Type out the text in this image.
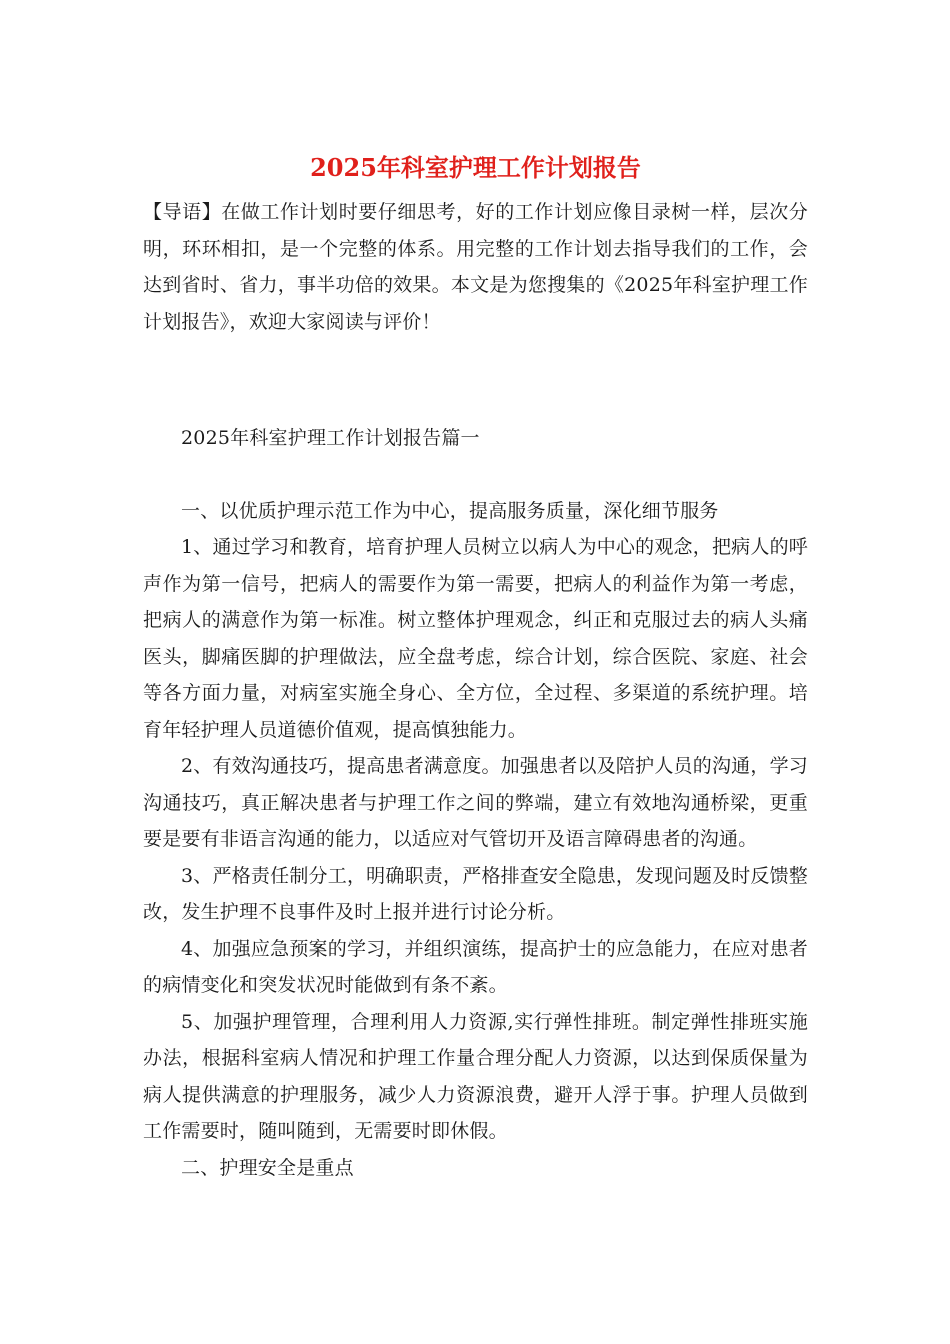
2025年科室护理工作计划报告

【导语】在做工作计划时要仔细思考，好的工作计划应像目录树一样，层次分明，环环相扣，是一个完整的体系。用完整的工作计划去指导我们的工作，会达到省时、省力，事半功倍的效果。本文是为您搜集的《2025年科室护理工作计划报告》，欢迎大家阅读与评价！

2025年科室护理工作计划报告篇一

一、以优质护理示范工作为中心，提高服务质量，深化细节服务

1、通过学习和教育，培育护理人员树立以病人为中心的观念，把病人的呼声作为第一信号，把病人的需要作为第一需要，把病人的利益作为第一考虑，把病人的满意作为第一标准。树立整体护理观念，纠正和克服过去的病人头痛医头，脚痛医脚的护理做法，应全盘考虑，综合计划，综合医院、家庭、社会等各方面力量，对病室实施全身心、全方位，全过程、多渠道的系统护理。培育年轻护理人员道德价值观，提高慎独能力。

2、有效沟通技巧，提高患者满意度。加强患者以及陪护人员的沟通，学习沟通技巧，真正解决患者与护理工作之间的弊端，建立有效地沟通桥梁，更重要是要有非语言沟通的能力，以适应对气管切开及语言障碍患者的沟通。

3、严格责任制分工，明确职责，严格排查安全隐患，发现问题及时反馈整改，发生护理不良事件及时上报并进行讨论分析。

4、加强应急预案的学习，并组织演练，提高护士的应急能力，在应对患者的病情变化和突发状况时能做到有条不紊。

5、加强护理管理，合理利用人力资源,实行弹性排班。制定弹性排班实施办法，根据科室病人情况和护理工作量合理分配人力资源，以达到保质保量为病人提供满意的护理服务，减少人力资源浪费，避开人浮于事。护理人员做到工作需要时，随叫随到，无需要时即休假。

二、护理安全是重点
